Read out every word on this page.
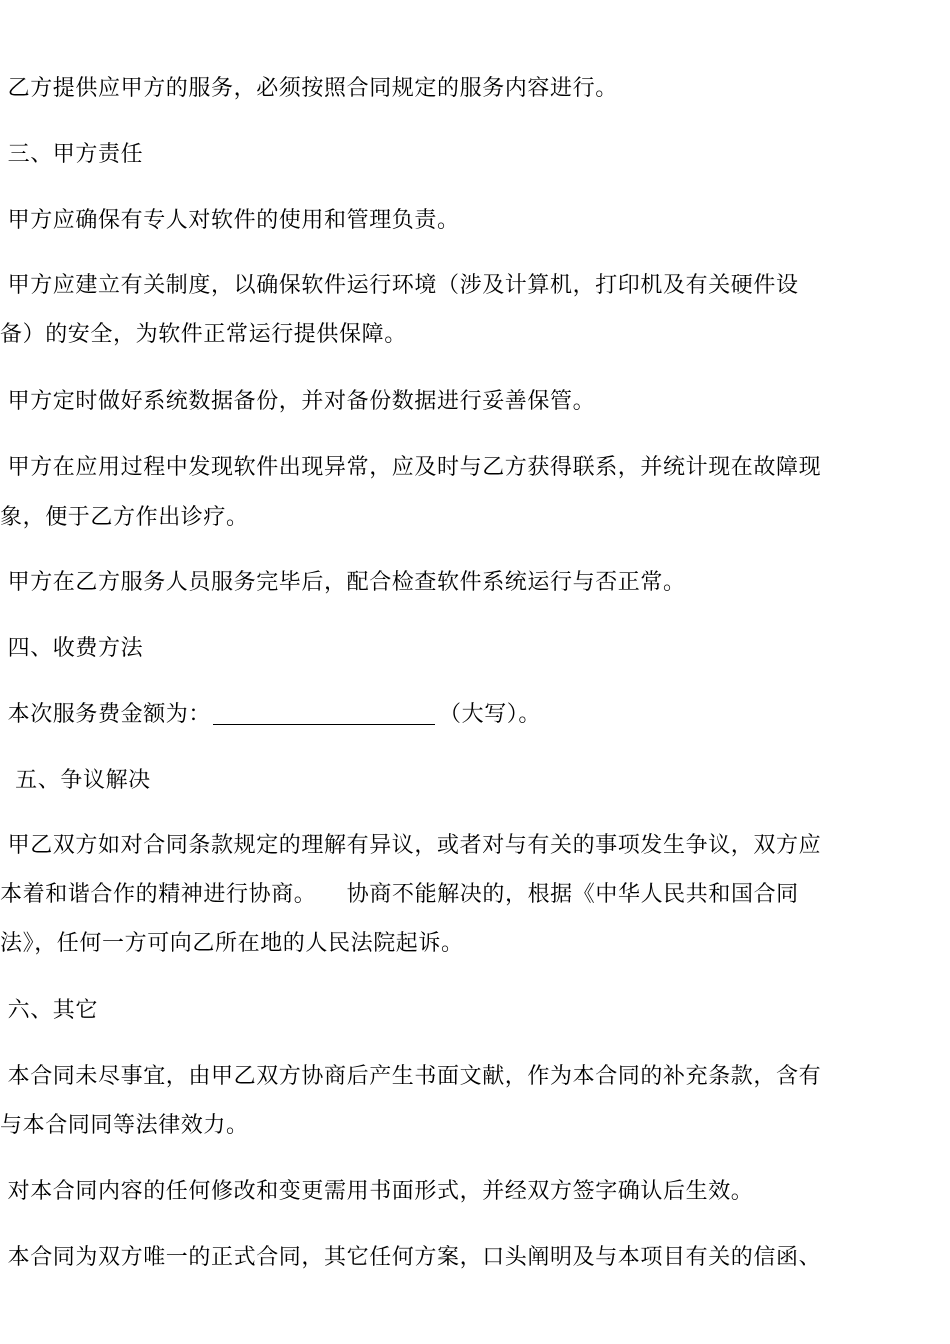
乙方提供应甲方的服务，必须按照合同规定的服务内容进行。
三、甲方责任
甲方应确保有专人对软件的使用和管理负责。
甲方应建立有关制度，以确保软件运行环境（涉及计算机，打印机及有关硬件设
备）的安全，为软件正常运行提供保障。
甲方定时做好系统数据备份，并对备份数据进行妥善保管。
甲方在应用过程中发现软件出现异常，应及时与乙方获得联系，并统计现在故障现
象，便于乙方作出诊疗。
甲方在乙方服务人员服务完毕后，配合检查软件系统运行与否正常。
四、收费方法
本次服务费金额为：	（大写）。
五、争议解决
甲乙双方如对合同条款规定的理解有异议，或者对与有关的事项发生争议，双方应
本着和谐合作的精神进行协商。    协商不能解决的，根据《中华人民共和国合同
法》，任何一方可向乙所在地的人民法院起诉。
六、其它
本合同未尽事宜，由甲乙双方协商后产生书面文献，作为本合同的补充条款，含有
与本合同同等法律效力。
对本合同内容的任何修改和变更需用书面形式，并经双方签字确认后生效。
本合同为双方唯一的正式合同，其它任何方案，口头阐明及与本项目有关的信函、
